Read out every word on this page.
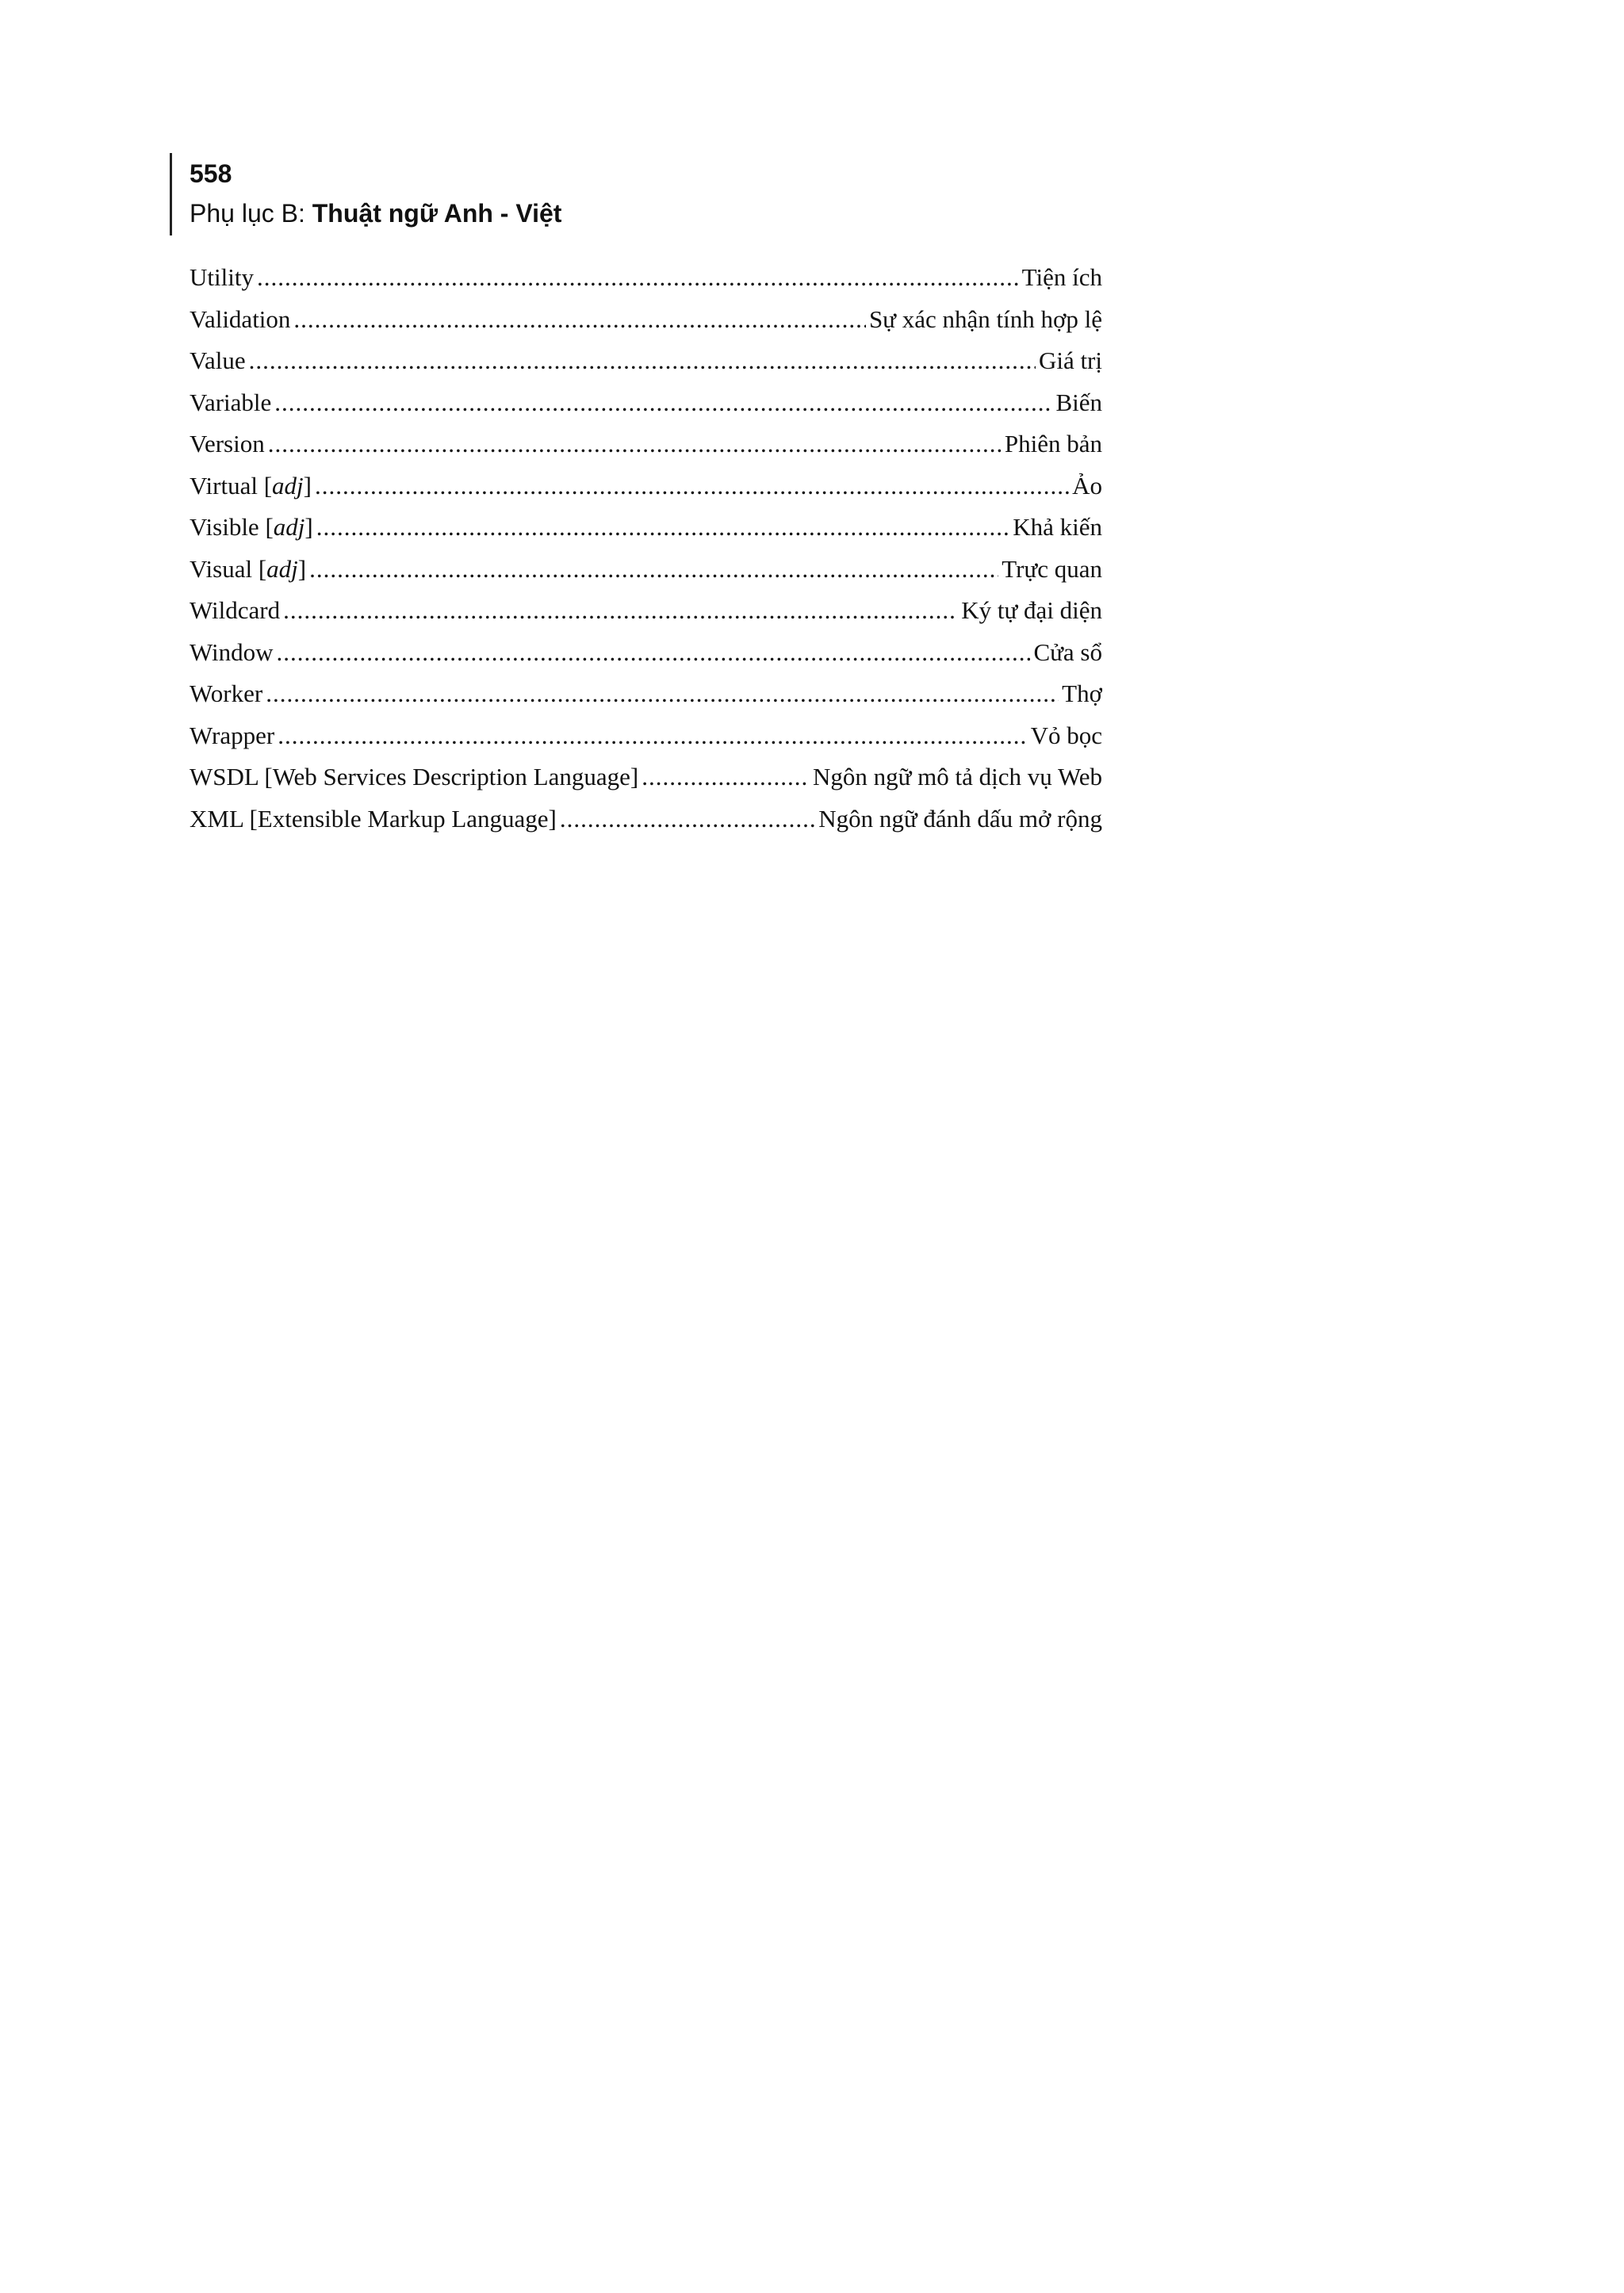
558
Phụ lục B: Thuật ngữ Anh - Việt
Utility .....	Tiện ích
Validation .....	Sự xác nhận tính hợp lệ
Value .....	Giá trị
Variable .....	Biến
Version .....	Phiên bản
Virtual [adj] .....	Ảo
Visible [adj] .....	Khả kiến
Visual [adj] .....	Trực quan
Wildcard .....	Ký tự đại diện
Window .....	Cửa sổ
Worker .....	Thợ
Wrapper .....	Vỏ bọc
WSDL [Web Services Description Language] .....	Ngôn ngữ mô tả dịch vụ Web
XML [Extensible Markup Language] .....	Ngôn ngữ đánh dấu mở rộng
